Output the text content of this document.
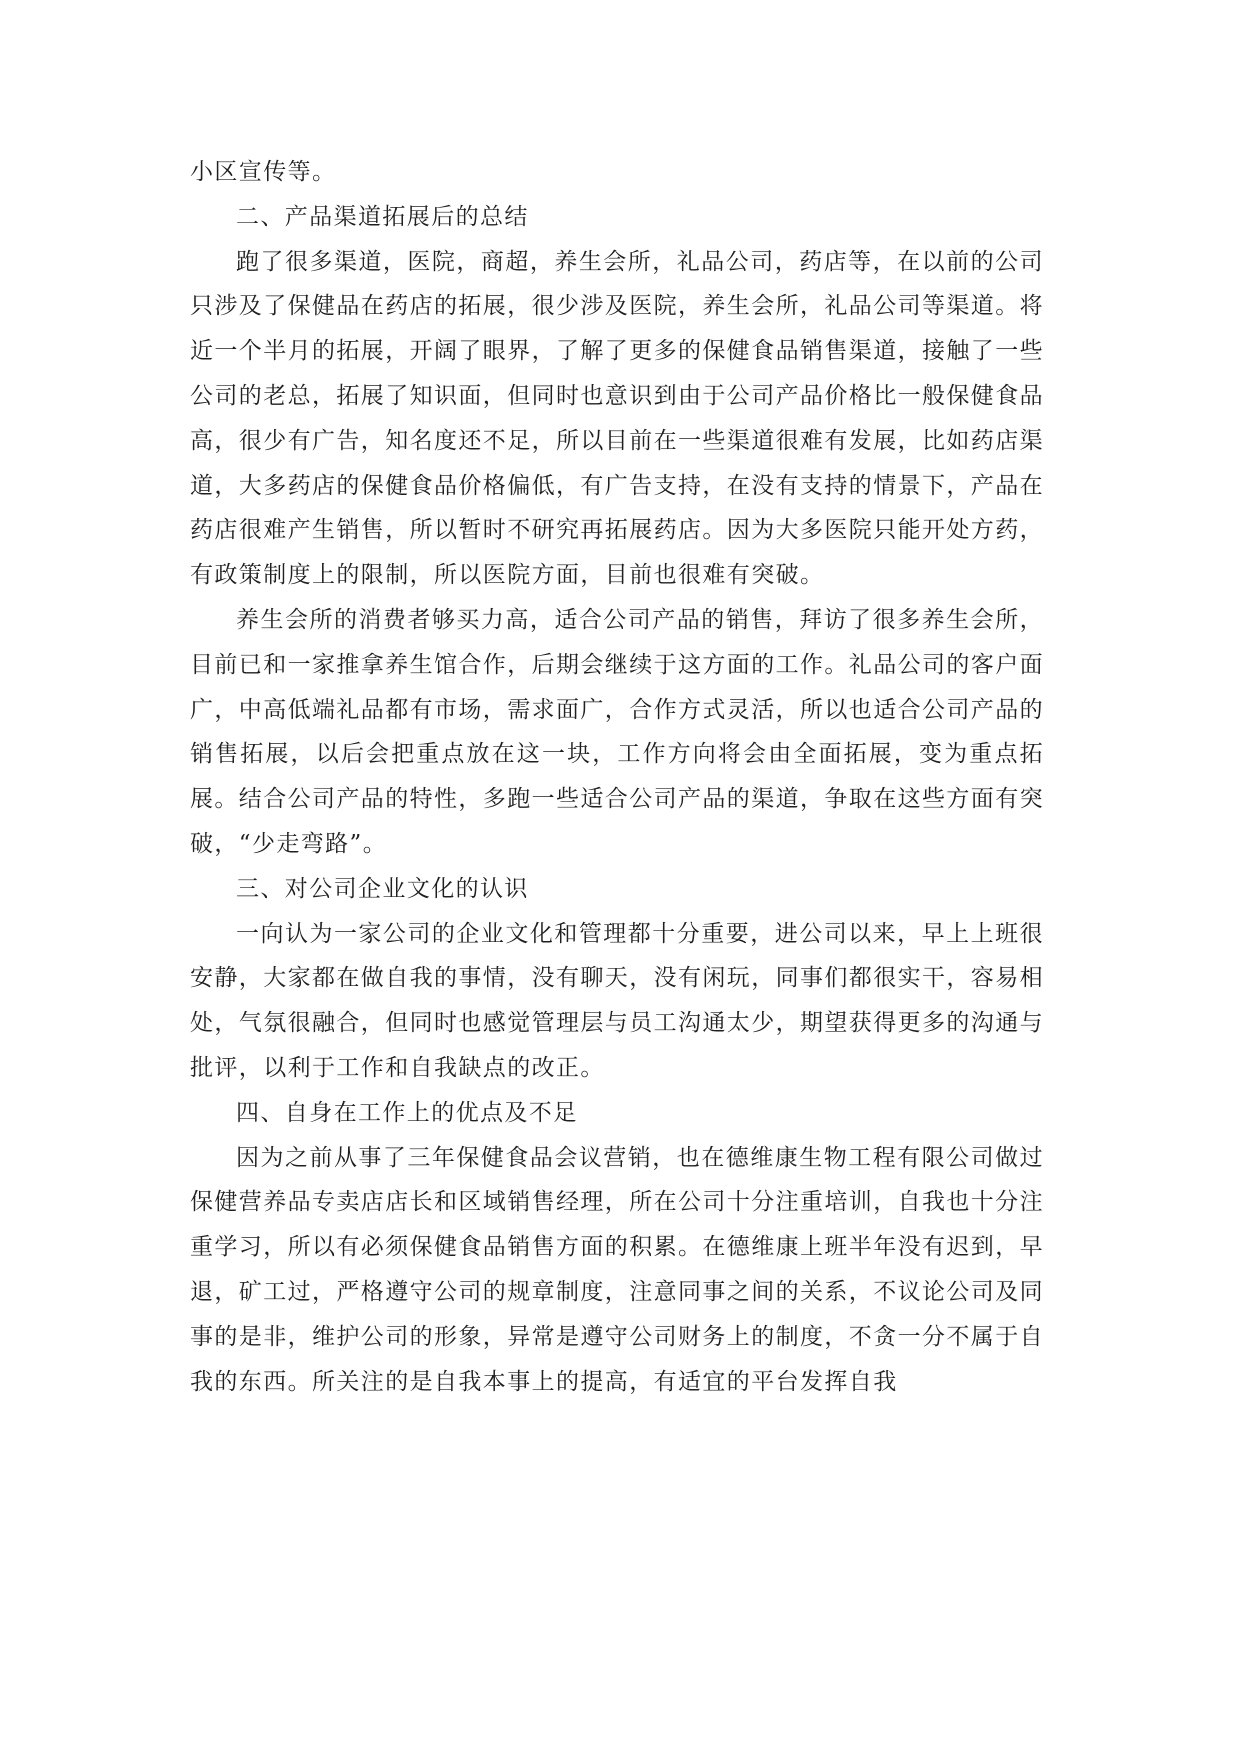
小区宣传等。

二、产品渠道拓展后的总结

跑了很多渠道，医院，商超，养生会所，礼品公司，药店等，在以前的公司只涉及了保健品在药店的拓展，很少涉及医院，养生会所，礼品公司等渠道。将近一个半月的拓展，开阔了眼界，了解了更多的保健食品销售渠道，接触了一些公司的老总，拓展了知识面，但同时也意识到由于公司产品价格比一般保健食品高，很少有广告，知名度还不足，所以目前在一些渠道很难有发展，比如药店渠道，大多药店的保健食品价格偏低，有广告支持，在没有支持的情景下，产品在药店很难产生销售，所以暂时不研究再拓展药店。因为大多医院只能开处方药，有政策制度上的限制，所以医院方面，目前也很难有突破。

养生会所的消费者够买力高，适合公司产品的销售，拜访了很多养生会所，目前已和一家推拿养生馆合作，后期会继续于这方面的工作。礼品公司的客户面广，中高低端礼品都有市场，需求面广，合作方式灵活，所以也适合公司产品的销售拓展，以后会把重点放在这一块，工作方向将会由全面拓展，变为重点拓展。结合公司产品的特性，多跑一些适合公司产品的渠道，争取在这些方面有突破，“少走弯路”。

三、对公司企业文化的认识

一向认为一家公司的企业文化和管理都十分重要，进公司以来，早上上班很安静，大家都在做自我的事情，没有聊天，没有闲玩，同事们都很实干，容易相处，气氛很融合，但同时也感觉管理层与员工沟通太少，期望获得更多的沟通与批评，以利于工作和自我缺点的改正。

四、自身在工作上的优点及不足

因为之前从事了三年保健食品会议营销，也在德维康生物工程有限公司做过保健营养品专卖店店长和区域销售经理，所在公司十分注重培训，自我也十分注重学习，所以有必须保健食品销售方面的积累。在德维康上班半年没有迟到，早退，矿工过，严格遵守公司的规章制度，注意同事之间的关系，不议论公司及同事的是非，维护公司的形象，异常是遵守公司财务上的制度，不贪一分不属于自我的东西。所关注的是自我本事上的提高，有适宜的平台发挥自我
